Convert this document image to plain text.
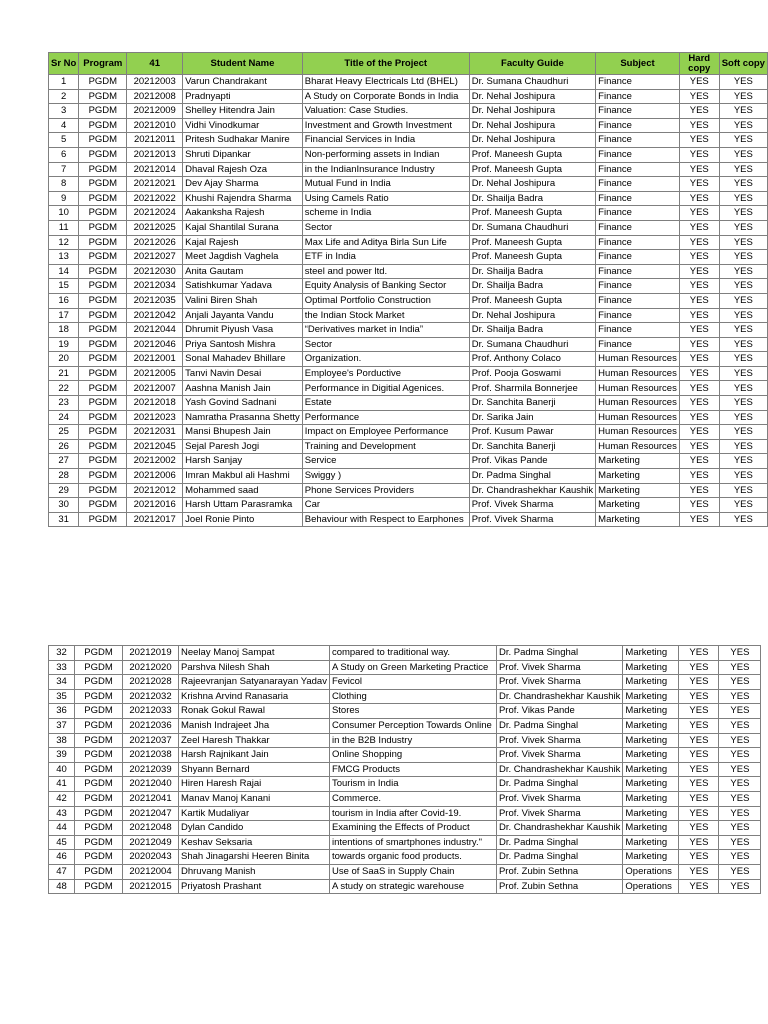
Sr No	Program	41	Student Name	Title of the Project	Faculty Guide	Subject	Hard copy	Soft copy
1	PGDM	20212003	Varun Chandrakant	Bharat Heavy Electricals Ltd (BHEL)	Dr. Sumana Chaudhuri	Finance	YES	YES
2	PGDM	20212008	Pradnyapti	A Study on Corporate Bonds in India	Dr. Nehal Joshipura	Finance	YES	YES
3	PGDM	20212009	Shelley Hitendra Jain	Valuation: Case Studies.	Dr. Nehal Joshipura	Finance	YES	YES
4	PGDM	20212010	Vidhi Vinodkumar	Investment and Growth Investment	Dr. Nehal Joshipura	Finance	YES	YES
5	PGDM	20212011	Pritesh Sudhakar Manire	Financial Services in India	Dr. Nehal Joshipura	Finance	YES	YES
6	PGDM	20212013	Shruti Dipankar	Non-performing assets in Indian	Prof. Maneesh Gupta	Finance	YES	YES
7	PGDM	20212014	Dhaval Rajesh Oza	in the IndianInsurance Industry	Prof. Maneesh Gupta	Finance	YES	YES
8	PGDM	20212021	Dev Ajay Sharma	Mutual Fund in India	Dr. Nehal Joshipura	Finance	YES	YES
9	PGDM	20212022	Khushi Rajendra Sharma	Using Camels Ratio	Dr. Shailja Badra	Finance	YES	YES
10	PGDM	20212024	Aakanksha Rajesh	scheme in India	Prof. Maneesh Gupta	Finance	YES	YES
11	PGDM	20212025	Kajal Shantilal Surana	Sector	Dr. Sumana Chaudhuri	Finance	YES	YES
12	PGDM	20212026	Kajal Rajesh	Max Life and Aditya Birla Sun Life	Prof. Maneesh Gupta	Finance	YES	YES
13	PGDM	20212027	Meet Jagdish Vaghela	ETF in India	Prof. Maneesh Gupta	Finance	YES	YES
14	PGDM	20212030	Anita Gautam	steel and power ltd.	Dr. Shailja Badra	Finance	YES	YES
15	PGDM	20212034	Satishkumar Yadava	Equity Analysis of Banking Sector	Dr. Shailja Badra	Finance	YES	YES
16	PGDM	20212035	Valini Biren Shah	Optimal Portfolio Construction	Prof. Maneesh Gupta	Finance	YES	YES
17	PGDM	20212042	Anjali Jayanta Vandu	the Indian Stock Market	Dr. Nehal Joshipura	Finance	YES	YES
18	PGDM	20212044	Dhrumit Piyush Vasa	“Derivatives market in India”	Dr. Shailja Badra	Finance	YES	YES
19	PGDM	20212046	Priya Santosh Mishra	Sector	Dr. Sumana Chaudhuri	Finance	YES	YES
20	PGDM	20212001	Sonal Mahadev Bhillare	Organization.	Prof. Anthony Colaco	Human Resources	YES	YES
21	PGDM	20212005	Tanvi Navin Desai	Employee's Porductive	Prof. Pooja Goswami	Human Resources	YES	YES
22	PGDM	20212007	Aashna Manish Jain	Performance in Digitial Agenices.	Prof. Sharmila Bonnerjee	Human Resources	YES	YES
23	PGDM	20212018	Yash Govind Sadnani	Estate	Dr. Sanchita Banerji	Human Resources	YES	YES
24	PGDM	20212023	Namratha Prasanna Shetty	Performance	Dr. Sarika Jain	Human Resources	YES	YES
25	PGDM	20212031	Mansi Bhupesh Jain	Impact on Employee Performance	Prof. Kusum Pawar	Human Resources	YES	YES
26	PGDM	20212045	Sejal Paresh Jogi	Training and Development	Dr. Sanchita Banerji	Human Resources	YES	YES
27	PGDM	20212002	Harsh Sanjay	Service	Prof. Vikas Pande	Marketing	YES	YES
28	PGDM	20212006	Imran Makbul ali Hashmi	Swiggy )	Dr. Padma Singhal	Marketing	YES	YES
29	PGDM	20212012	Mohammed saad	Phone Services Providers	Dr. Chandrashekhar Kaushik	Marketing	YES	YES
30	PGDM	20212016	Harsh Uttam Parasramka	Car	Prof. Vivek Sharma	Marketing	YES	YES
31	PGDM	20212017	Joel Ronie Pinto	Behaviour with Respect to Earphones	Prof. Vivek Sharma	Marketing	YES	YES
32	PGDM	20212019	Neelay Manoj Sampat	compared to traditional way.	Dr. Padma Singhal	Marketing	YES	YES
33	PGDM	20212020	Parshva Nilesh Shah	A Study on Green Marketing Practice	Prof. Vivek Sharma	Marketing	YES	YES
34	PGDM	20212028	Rajeevranjan Satyanarayan Yadav	Fevicol	Prof. Vivek Sharma	Marketing	YES	YES
35	PGDM	20212032	Krishna Arvind Ranasaria	Clothing	Dr. Chandrashekhar Kaushik	Marketing	YES	YES
36	PGDM	20212033	Ronak Gokul Rawal	Stores	Prof. Vikas Pande	Marketing	YES	YES
37	PGDM	20212036	Manish Indrajeet Jha	Consumer Perception Towards Online	Dr. Padma Singhal	Marketing	YES	YES
38	PGDM	20212037	Zeel Haresh Thakkar	in the B2B Industry	Prof. Vivek Sharma	Marketing	YES	YES
39	PGDM	20212038	Harsh Rajnikant Jain	Online Shopping	Prof. Vivek Sharma	Marketing	YES	YES
40	PGDM	20212039	Shyann Bernard	FMCG Products	Dr. Chandrashekhar Kaushik	Marketing	YES	YES
41	PGDM	20212040	Hiren Haresh Rajai	Tourism in India	Dr. Padma Singhal	Marketing	YES	YES
42	PGDM	20212041	Manav Manoj Kanani	Commerce.	Prof. Vivek Sharma	Marketing	YES	YES
43	PGDM	20212047	Kartik Mudaliyar	tourism in India after Covid-19.	Prof. Vivek Sharma	Marketing	YES	YES
44	PGDM	20212048	Dylan Candido	Examining the Effects of Product	Dr. Chandrashekhar Kaushik	Marketing	YES	YES
45	PGDM	20212049	Keshav Seksaria	intentions of smartphones industry."	Dr. Padma Singhal	Marketing	YES	YES
46	PGDM	20202043	Shah Jinagarshi Heeren Binita	towards organic food products.	Dr. Padma Singhal	Marketing	YES	YES
47	PGDM	20212004	Dhruvang Manish	Use of SaaS in Supply Chain	Prof. Zubin Sethna	Operations	YES	YES
48	PGDM	20212015	Priyatosh Prashant	A study on strategic warehouse	Prof. Zubin Sethna	Operations	YES	YES
